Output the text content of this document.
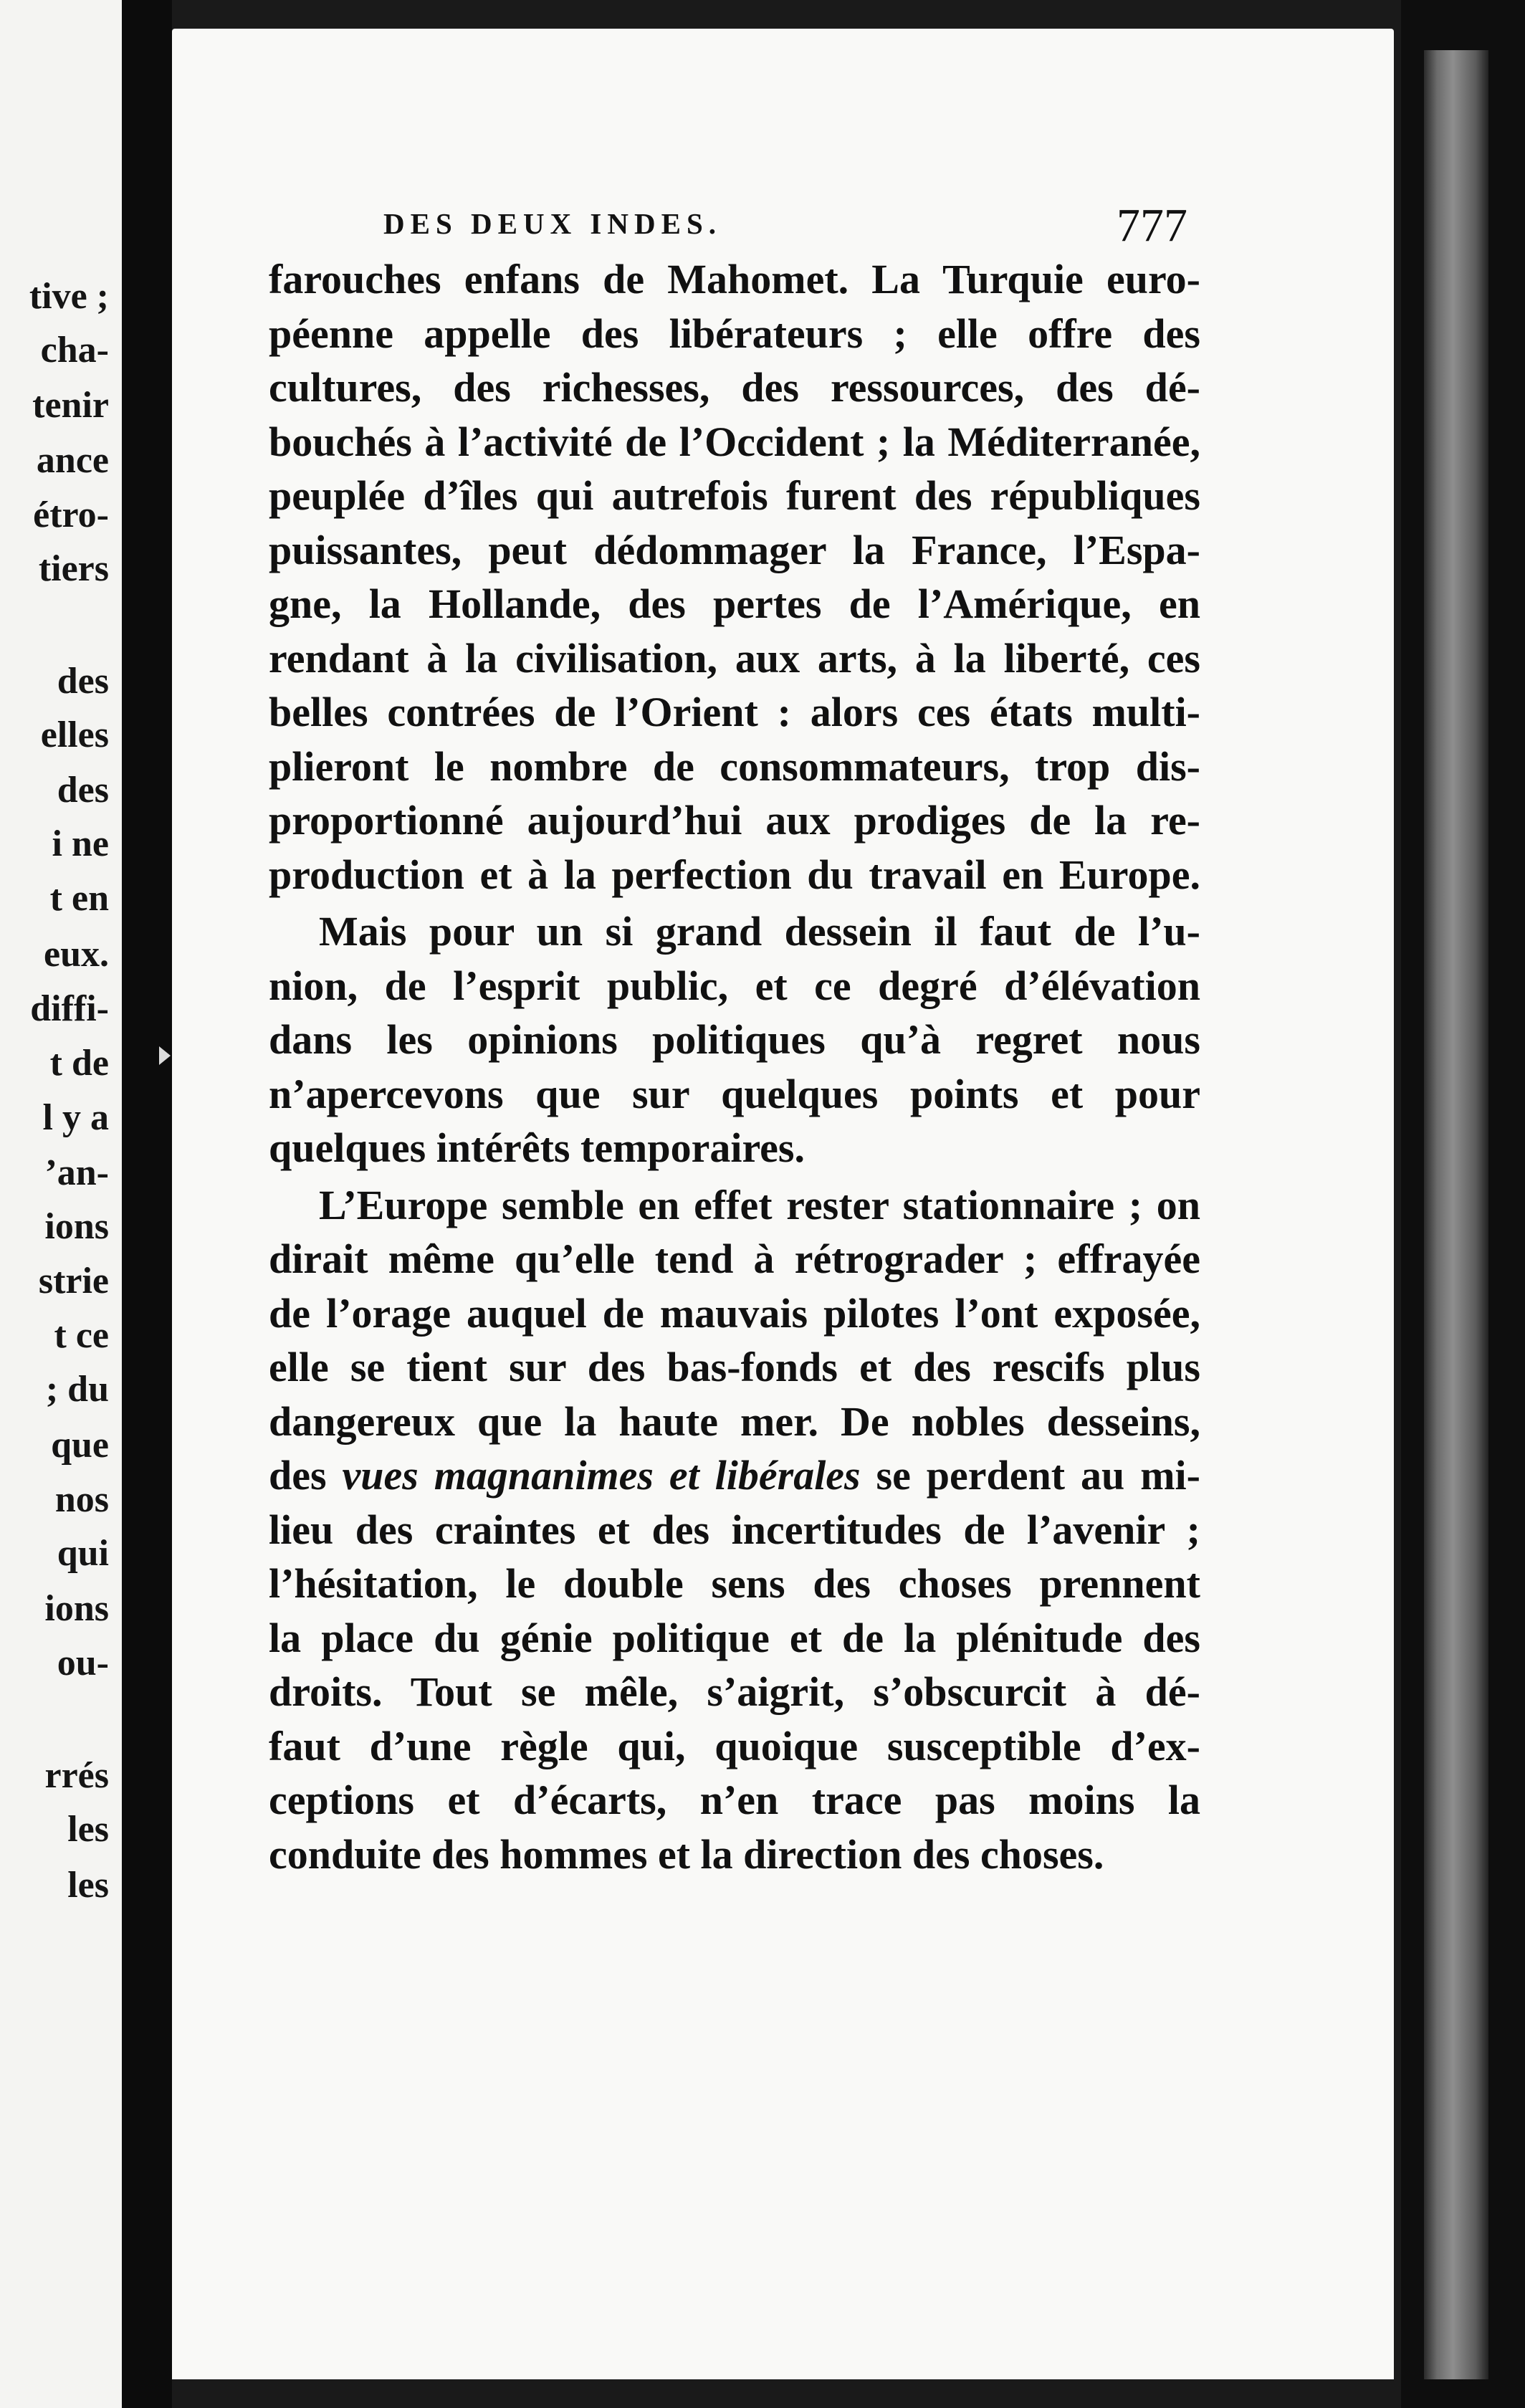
tive ;
cha-
tenir
ance
étro-
tiers
des
elles
des
i ne
t en
eux.
diffi-
t de
l y a
’an-
ions
strie
t ce
; du
que
nos
qui
ions
ou-
rrés
les
les
DES DEUX INDES.	777

farouches enfans de Mahomet. La Turquie euro-
péenne appelle des libérateurs ; elle offre des
cultures, des richesses, des ressources, des dé-
bouchés à l’activité de l’Occident ; la Méditerranée,
peuplée d’îles qui autrefois furent des républiques
puissantes, peut dédommager la France, l’Espa-
gne, la Hollande, des pertes de l’Amérique, en
rendant à la civilisation, aux arts, à la liberté, ces
belles contrées de l’Orient : alors ces états multi-
plieront le nombre de consommateurs, trop dis-
proportionné aujourd’hui aux prodiges de la re-
production et à la perfection du travail en Europe.

Mais pour un si grand dessein il faut de l’u-
nion, de l’esprit public, et ce degré d’élévation
dans les opinions politiques qu’à regret nous
n’apercevons que sur quelques points et pour
quelques intérêts temporaires.

L’Europe semble en effet rester stationnaire ; on
dirait même qu’elle tend à rétrograder ; effrayée
de l’orage auquel de mauvais pilotes l’ont exposée,
elle se tient sur des bas-fonds et des rescifs plus
dangereux que la haute mer. De nobles desseins,
des vues magnanimes et libérales se perdent au mi-
lieu des craintes et des incertitudes de l’avenir ;
l’hésitation, le double sens des choses prennent
la place du génie politique et de la plénitude des
droits. Tout se mêle, s’aigrit, s’obscurcit à dé-
faut d’une règle qui, quoique susceptible d’ex-
ceptions et d’écarts, n’en trace pas moins la
conduite des hommes et la direction des choses.
